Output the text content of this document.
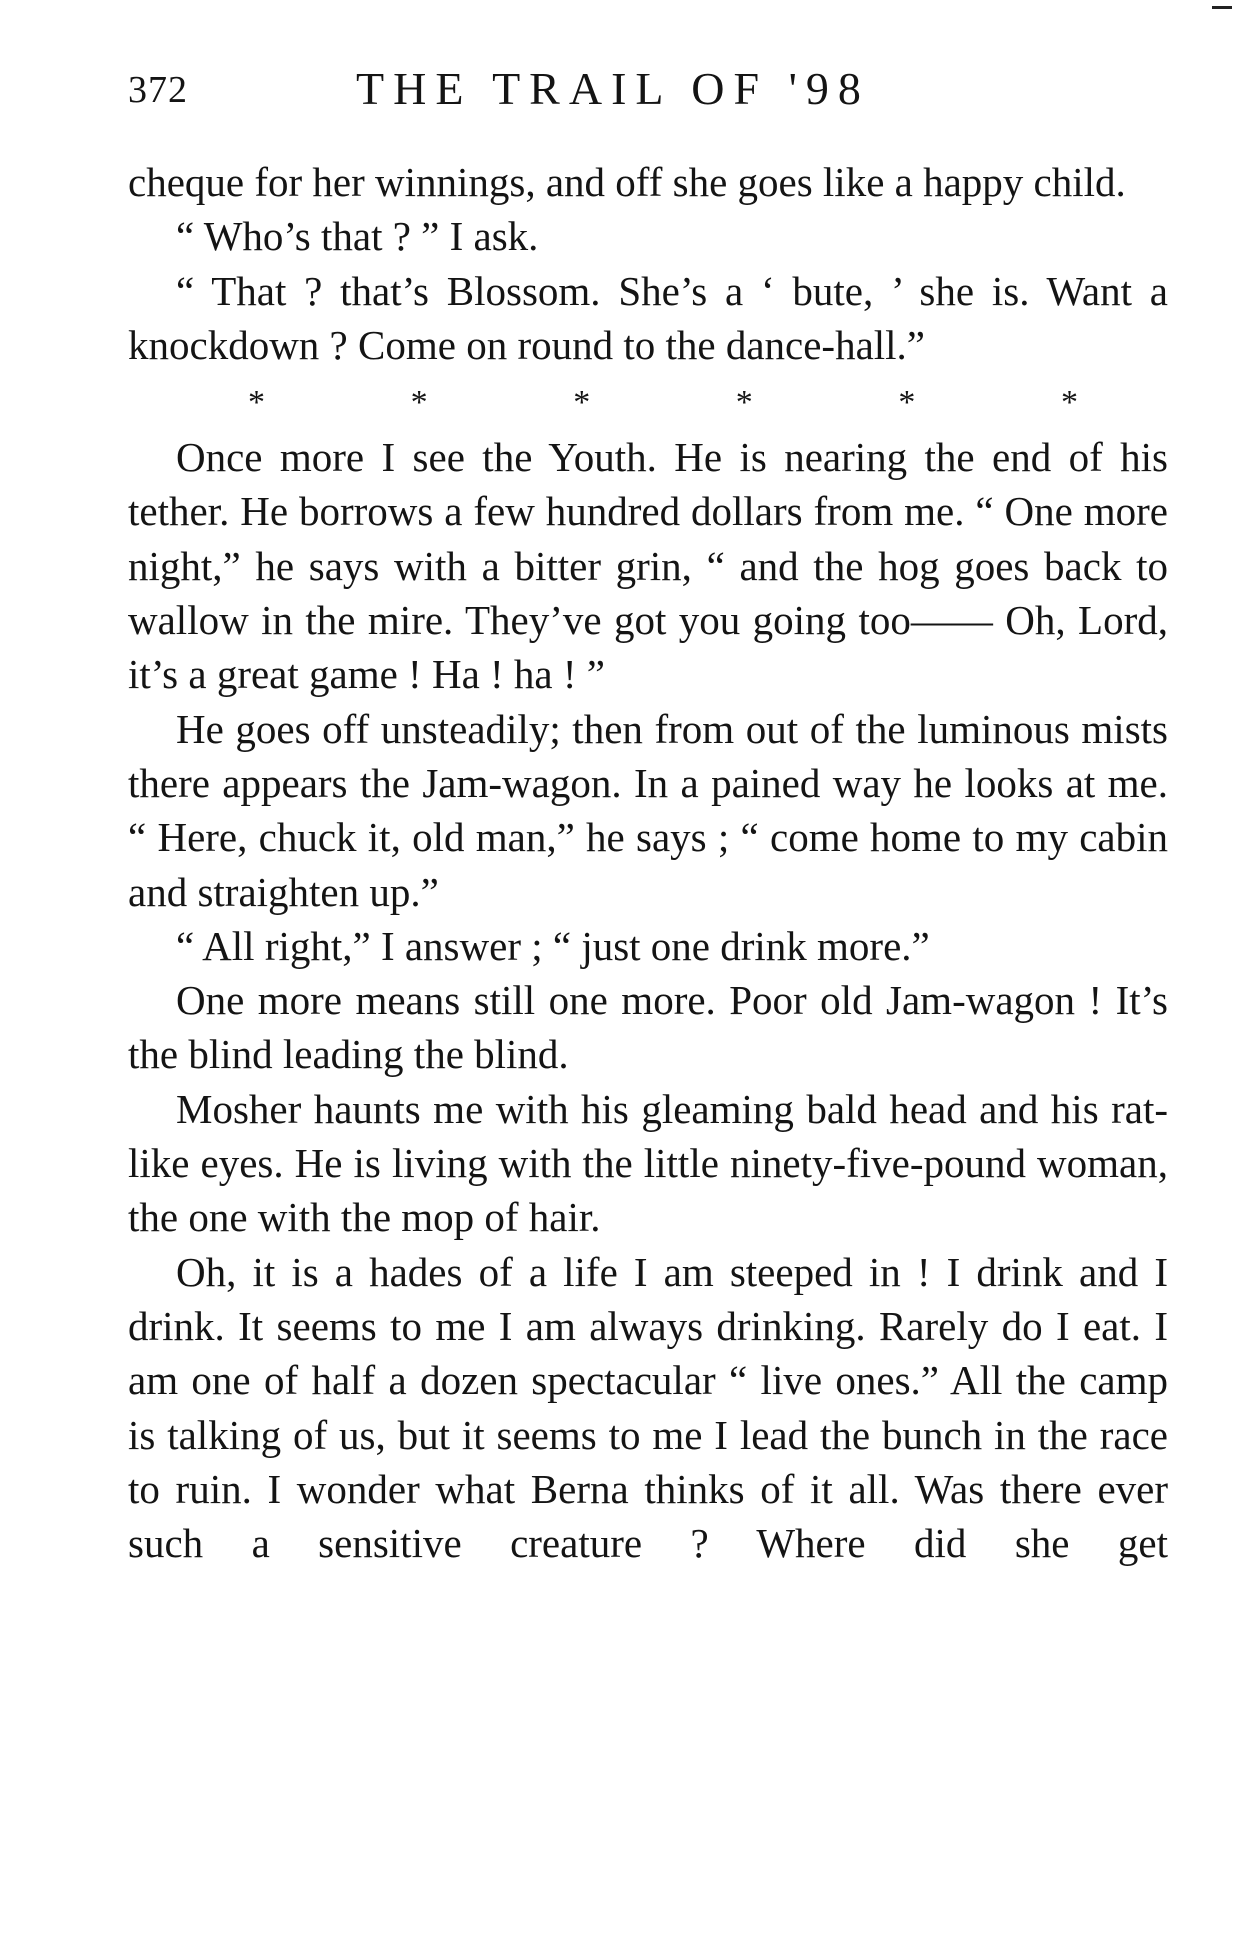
372	THE TRAIL OF '98

cheque for her winnings, and off she goes like a happy child.

“ Who’s that ? ” I ask.

“ That ? that’s Blossom. She’s a ‘ bute, ’ she is. Want a knockdown ? Come on round to the dance-hall.”

*	*	*	*	*	*

Once more I see the Youth. He is nearing the end of his tether. He borrows a few hundred dollars from me. “ One more night,” he says with a bitter grin, “ and the hog goes back to wallow in the mire. They’ve got you going too—— Oh, Lord, it’s a great game ! Ha ! ha ! ”

He goes off unsteadily; then from out of the luminous mists there appears the Jam-wagon. In a pained way he looks at me. “ Here, chuck it, old man,” he says ; “ come home to my cabin and straighten up.”

“ All right,” I answer ; “ just one drink more.”

One more means still one more. Poor old Jam-wagon ! It’s the blind leading the blind.

Mosher haunts me with his gleaming bald head and his rat-like eyes. He is living with the little ninety-five-pound woman, the one with the mop of hair.

Oh, it is a hades of a life I am steeped in ! I drink and I drink. It seems to me I am always drinking. Rarely do I eat. I am one of half a dozen spectacular “ live ones.” All the camp is talking of us, but it seems to me I lead the bunch in the race to ruin. I wonder what Berna thinks of it all. Was there ever such a sensitive creature ? Where did she get
